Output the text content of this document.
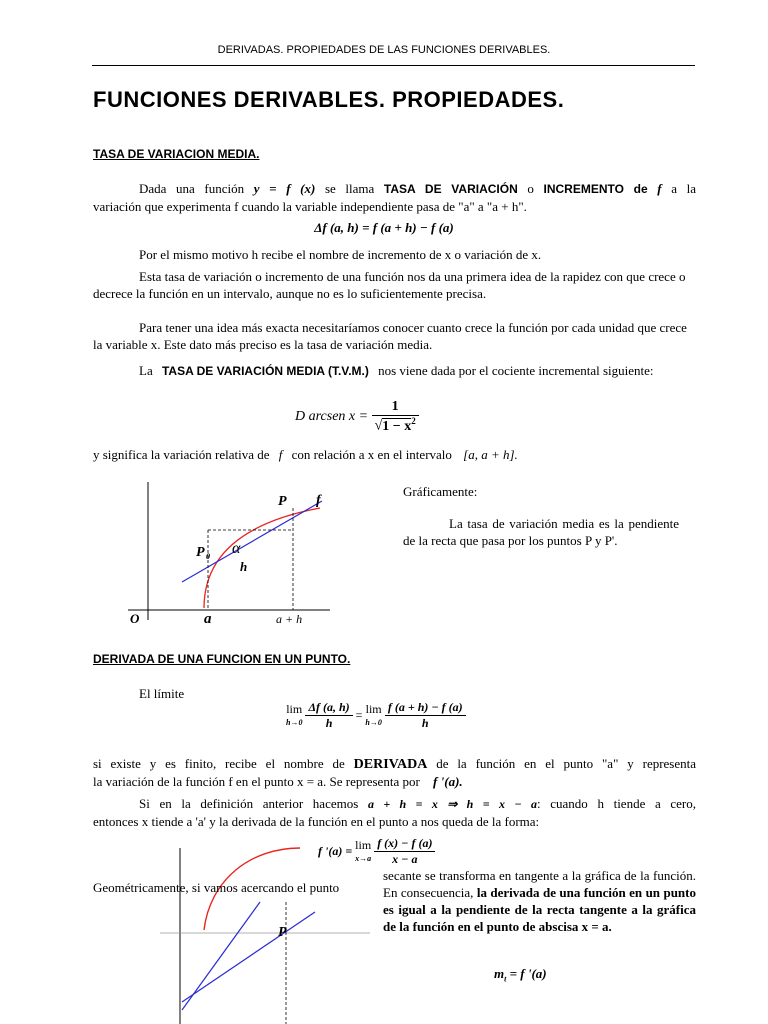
DERIVADAS. PROPIEDADES DE LAS FUNCIONES DERIVABLES.
FUNCIONES DERIVABLES. PROPIEDADES.
TASA DE VARIACION MEDIA.
Dada una función y = f (x) se llama TASA DE VARIACIÓN o INCREMENTO de f a la
variación que experimenta f cuando la variable independiente pasa de "a" a "a + h".
Δf (a, h) = f (a + h) − f (a)
Por el mismo motivo h recibe el nombre de incremento de x o variación de x.
Esta tasa de variación o incremento de una función nos da una primera idea de la rapidez con que crece o decrece la función en un intervalo, aunque no es lo suficientemente precisa.
Para tener una idea más exacta necesitaríamos conocer cuanto crece la función por cada unidad que crece la variable x. Este dato más preciso es la tasa de variación media.
La TASA DE VARIACIÓN MEDIA (T.V.M.) nos viene dada por el cociente incremental siguiente:
D arcsen $x = \frac{1}{√1 - x^2}$
y significa la variación relativa de f con relación a x en el intervalo [a, a + h].
P f
P 0 α
h
O	a	a + h
Gráficamente:
La tasa de variación media es la pendiente de la recta que pasa por los puntos P y P'.
DERIVADA DE UNA FUNCION EN UN PUNTO.
El límite
lim
h→0
$\frac{\Delta f (a, h)}{h} = \lim$
h→0
$\frac{f (a + h) - f (a)}{h}$
si existe y es finito, recibe el nombre de DERIVADA de la función en el punto "a" y representa
la variación de la función f en el punto x = a. Se representa por f '(a).
Si en la definición anterior hacemos a + h = x ⇒ h = x − a: cuando h tiende a cero,
entonces x tiende a 'a' y la derivada de la función en el punto a nos queda de la forma:
f '(a) = lim
x→a
$\frac{f (x) - f (a)}{x - a}$
P
Geométricamente, si vamos acercando el punto
secante se transforma en tangente a la gráfica de la función. En consecuencia, la derivada de una función en un punto es igual a la pendiente de la recta tangente a la gráfica de la función en el punto de abscisa x = a.
$m_t = f$ '(a)
